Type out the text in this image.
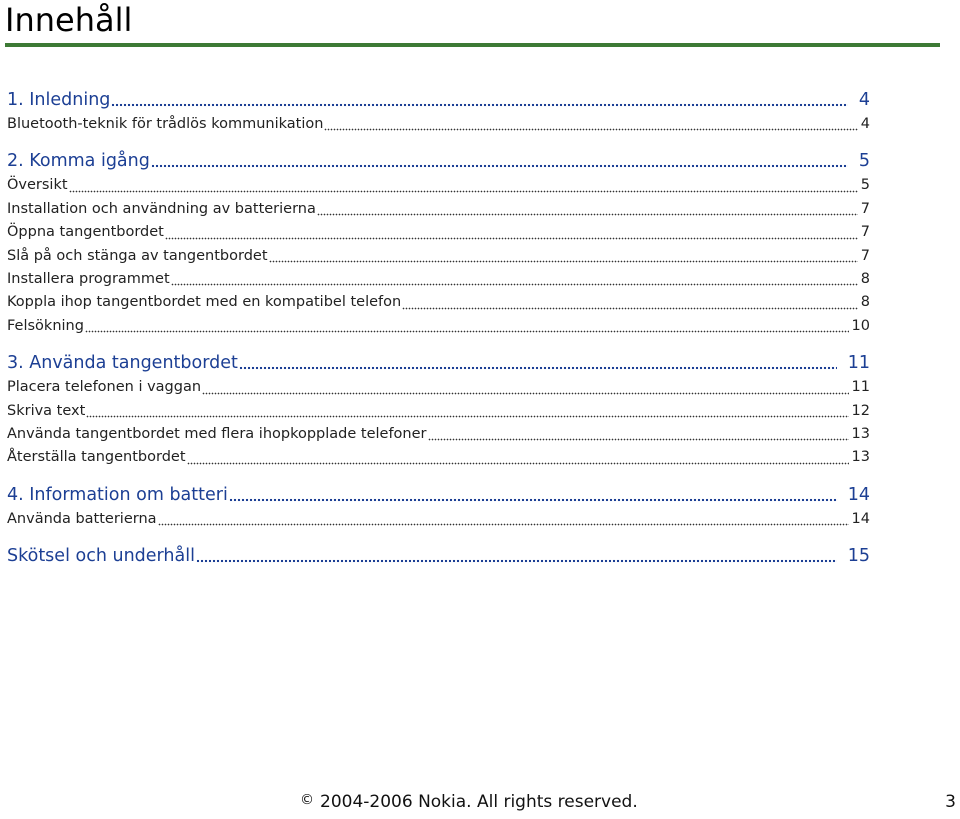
Innehåll
1. Inledning	4
Bluetooth-teknik för trådlös kommunikation	4
2. Komma igång	5
Översikt	5
Installation och användning av batterierna	7
Öppna tangentbordet	7
Slå på och stänga av tangentbordet	7
Installera programmet	8
Koppla ihop tangentbordet med en kompatibel telefon	8
Felsökning	10
3. Använda tangentbordet	11
Placera telefonen i vaggan	11
Skriva text	12
Använda tangentbordet med flera ihopkopplade telefoner	13
Återställa tangentbordet	13
4. Information om batteri	14
Använda batterierna	14
Skötsel och underhåll	15
© 2004-2006 Nokia. All rights reserved.	3
